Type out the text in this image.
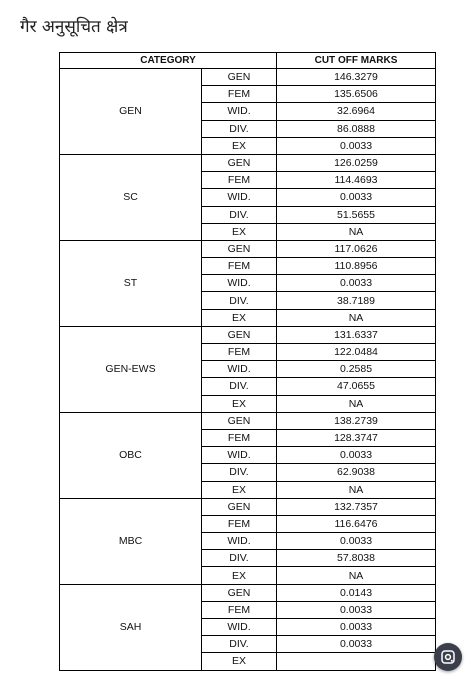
गैर अनुसूचित क्षेत्र
CATEGORY		CUT OFF MARKS
GEN	GEN	146.3279
	FEM	135.6506
	WID.	32.6964
	DIV.	86.0888
	EX	0.0033
SC	GEN	126.0259
	FEM	114.4693
	WID.	0.0033
	DIV.	51.5655
	EX	NA
ST	GEN	117.0626
	FEM	110.8956
	WID.	0.0033
	DIV.	38.7189
	EX	NA
GEN-EWS	GEN	131.6337
	FEM	122.0484
	WID.	0.2585
	DIV.	47.0655
	EX	NA
OBC	GEN	138.2739
	FEM	128.3747
	WID.	0.0033
	DIV.	62.9038
	EX	NA
MBC	GEN	132.7357
	FEM	116.6476
	WID.	0.0033
	DIV.	57.8038
	EX	NA
SAH	GEN	0.0143
	FEM	0.0033
	WID.	0.0033
	DIV.	0.0033
	EX	
